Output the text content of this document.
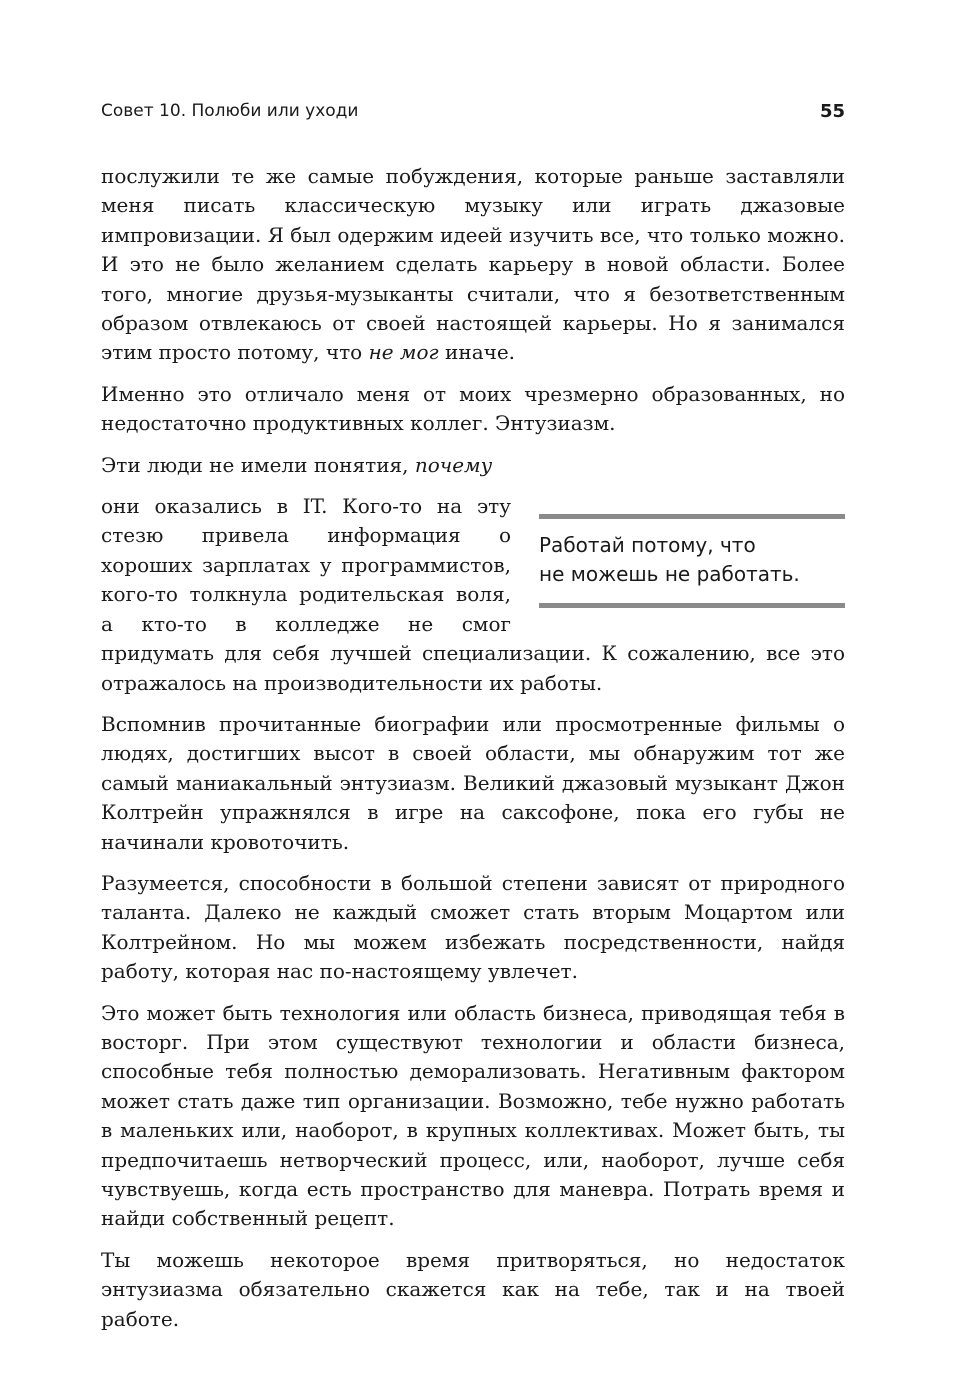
Совет 10. Полюби или уходи	55

послужили те же самые побуждения, которые раньше заставляли меня писать классическую музыку или играть джазовые импровизации. Я был одержим идеей изучить все, что только можно. И это не было желанием сделать карьеру в новой области. Более того, многие друзья-музыканты считали, что я безответственным образом отвлекаюсь от своей настоящей карьеры. Но я занимался этим просто потому, что не мог иначе.

Именно это отличало меня от моих чрезмерно образованных, но недостаточно продуктивных коллег. Энтузиазм.

Эти люди не имели понятия, почему

Работай потому, что
не можешь не работать.
они оказались в IT. Кого-то на эту стезю привела информация о хороших зарплатах у программистов, кого-то толкнула родительская воля, а кто-то в колледже не смог придумать для себя лучшей специализации. К сожалению, все это отражалось на производительности их работы.

Вспомнив прочитанные биографии или просмотренные фильмы о людях, достигших высот в своей области, мы обнаружим тот же самый маниакальный энтузиазм. Великий джазовый музыкант Джон Колтрейн упражнялся в игре на саксофоне, пока его губы не начинали кровоточить.

Разумеется, способности в большой степени зависят от природного таланта. Далеко не каждый сможет стать вторым Моцартом или Колтрейном. Но мы можем избежать посредственности, найдя работу, которая нас по-настоящему увлечет.

Это может быть технология или область бизнеса, приводящая тебя в восторг. При этом существуют технологии и области бизнеса, способные тебя полностью деморализовать. Негативным фактором может стать даже тип организации. Возможно, тебе нужно работать в маленьких или, наоборот, в крупных коллективах. Может быть, ты предпочитаешь нетворческий процесс, или, наоборот, лучше себя чувствуешь, когда есть пространство для маневра. Потрать время и найди собственный рецепт.

Ты можешь некоторое время притворяться, но недостаток энтузиазма обязательно скажется как на тебе, так и на твоей работе.
